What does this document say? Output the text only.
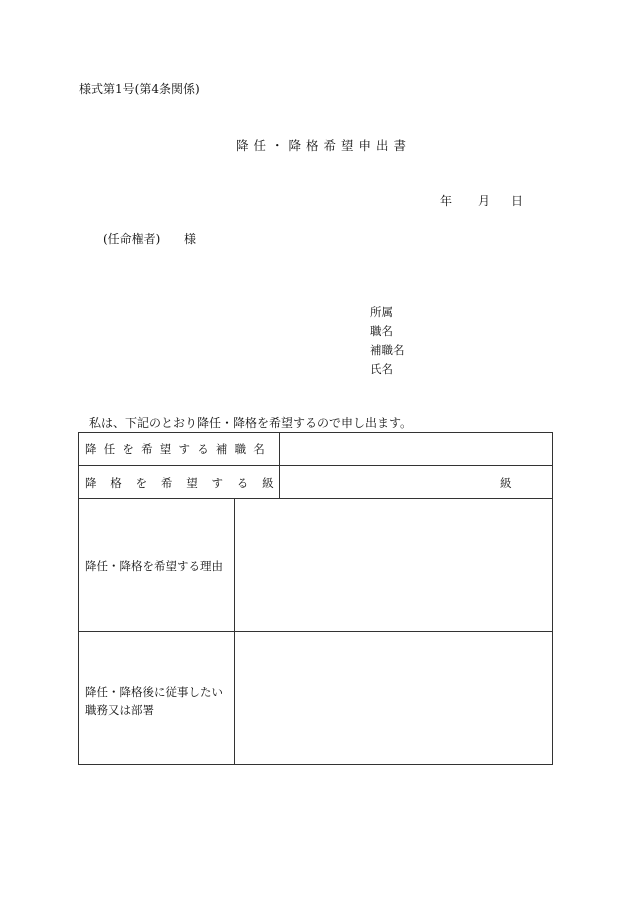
様式第1号(第4条関係)
降任・降格希望申出書
年 月 日
(任命権者) 様
所属
職名
補職名
氏名
私は、下記のとおり降任・降格を希望するので申し出ます。
降任を希望する補職名
降格を希望する級	級
降任・降格を希望する理由
降任・降格後に従事したい
職務又は部署
